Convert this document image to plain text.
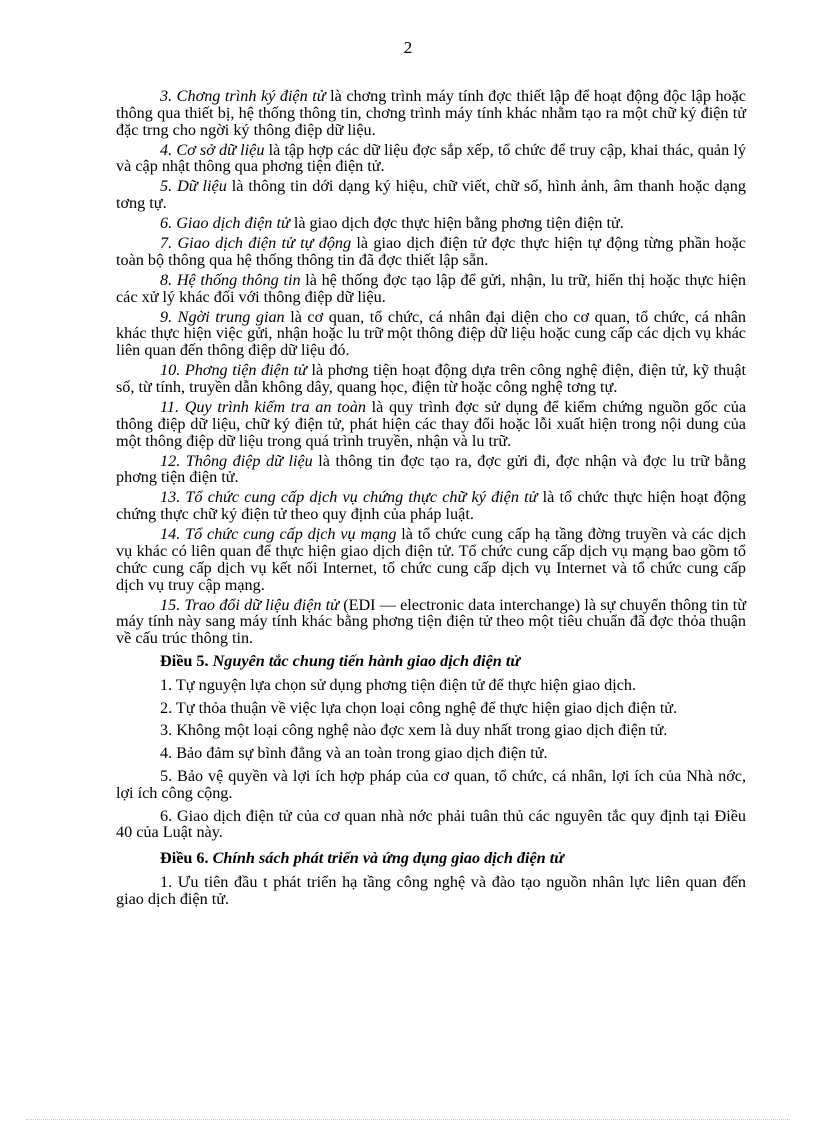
2
3. Chơng trình ký điện tử là chơng trình máy tính đợc thiết lập để hoạt động độc lập hoặc thông qua thiết bị, hệ thống thông tin, chơng trình máy tính khác nhằm tạo ra một chữ ký điện tử đặc trng cho ngời ký thông điệp dữ liệu.
4. Cơ sở dữ liệu là tập hợp các dữ liệu đợc sắp xếp, tổ chức để truy cập, khai thác, quản lý và cập nhật thông qua phơng tiện điện tử.
5. Dữ liệu là thông tin dới dạng ký hiệu, chữ viết, chữ số, hình ảnh, âm thanh hoặc dạng tơng tự.
6. Giao dịch điện tử là giao dịch đợc thực hiện bằng phơng tiện điện tử.
7. Giao dịch điện tử tự động là giao dịch điện tử đợc thực hiện tự động từng phần hoặc toàn bộ thông qua hệ thống thông tin đã đợc thiết lập sẵn.
8. Hệ thống thông tin là hệ thống đợc tạo lập để gửi, nhận, lu trữ, hiển thị hoặc thực hiện các xử lý khác đối với thông điệp dữ liệu.
9. Ngời trung gian là cơ quan, tổ chức, cá nhân đại diện cho cơ quan, tổ chức, cá nhân khác thực hiện việc gửi, nhận hoặc lu trữ một thông điệp dữ liệu hoặc cung cấp các dịch vụ khác liên quan đến thông điệp dữ liệu đó.
10. Phơng tiện điện tử là phơng tiện hoạt động dựa trên công nghệ điện, điện tử, kỹ thuật số, từ tính, truyền dẫn không dây, quang học, điện từ hoặc công nghệ tơng tự.
11. Quy trình kiểm tra an toàn là quy trình đợc sử dụng để kiểm chứng nguồn gốc của thông điệp dữ liệu, chữ ký điện tử, phát hiện các thay đổi hoặc lỗi xuất hiện trong nội dung của một thông điệp dữ liệu trong quá trình truyền, nhận và lu trữ.
12. Thông điệp dữ liệu là thông tin đợc tạo ra, đợc gửi đi, đợc nhận và đợc lu trữ bằng phơng tiện điện tử.
13. Tổ chức cung cấp dịch vụ chứng thực chữ ký điện tử là tổ chức thực hiện hoạt động chứng thực chữ ký điện tử theo quy định của pháp luật.
14. Tổ chức cung cấp dịch vụ mạng là tổ chức cung cấp hạ tầng đờng truyền và các dịch vụ khác có liên quan để thực hiện giao dịch điện tử. Tổ chức cung cấp dịch vụ mạng bao gồm tổ chức cung cấp dịch vụ kết nối Internet, tổ chức cung cấp dịch vụ Internet và tổ chức cung cấp dịch vụ truy cập mạng.
15. Trao đổi dữ liệu điện tử (EDI — electronic data interchange) là sự chuyển thông tin từ máy tính này sang máy tính khác bằng phơng tiện điện tử theo một tiêu chuẩn đã đợc thỏa thuận về cấu trúc thông tin.
Điều 5. Nguyên tắc chung tiến hành giao dịch điện tử
1. Tự nguyện lựa chọn sử dụng phơng tiện điện tử để thực hiện giao dịch.
2. Tự thỏa thuận về việc lựa chọn loại công nghệ để thực hiện giao dịch điện tử.
3. Không một loại công nghệ nào đợc xem là duy nhất trong giao dịch điện tử.
4. Bảo đảm sự bình đẳng và an toàn trong giao dịch điện tử.
5. Bảo vệ quyền và lợi ích hợp pháp của cơ quan, tổ chức, cá nhân, lợi ích của Nhà nớc, lợi ích công cộng.
6. Giao dịch điện tử của cơ quan nhà nớc phải tuân thủ các nguyên tắc quy định tại Điều 40 của Luật này.
Điều 6. Chính sách phát triển và ứng dụng giao dịch điện tử
1. Ưu tiên đầu t phát triển hạ tầng công nghệ và đào tạo nguồn nhân lực liên quan đến giao dịch điện tử.
